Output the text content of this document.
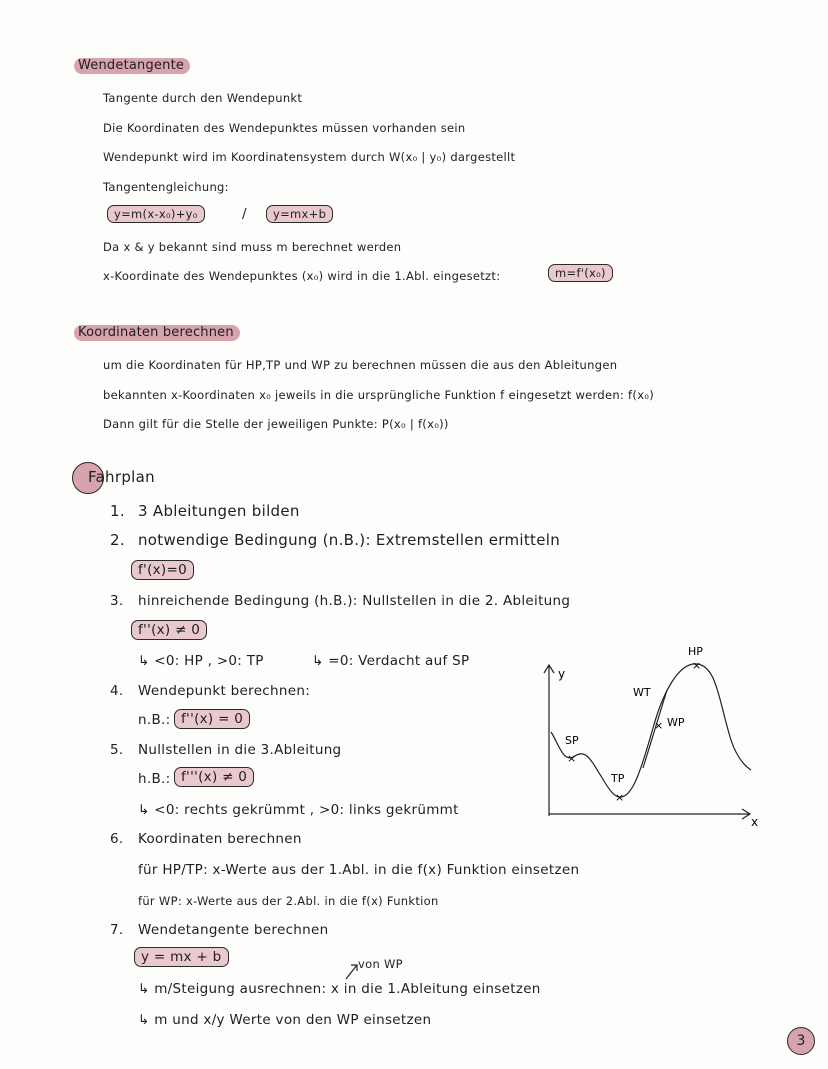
Wendetangente
Tangente durch den Wendepunkt
Die Koordinaten des Wendepunktes müssen vorhanden sein
Wendepunkt wird im Koordinatensystem durch W(x₀ | y₀) dargestellt
Tangentengleichung:
y=m(x-x₀)+y₀	/	y=mx+b
Da x & y bekannt sind muss m berechnet werden
x-Koordinate des Wendepunktes (x₀) wird in die 1.Abl. eingesetzt:	m=f'(x₀)
Koordinaten berechnen
um die Koordinaten für HP,TP und WP zu berechnen müssen die aus den Ableitungen
bekannten x-Koordinaten x₀ jeweils in die ursprüngliche Funktion f eingesetzt werden: f(x₀)
Dann gilt für die Stelle der jeweiligen Punkte: P(x₀ | f(x₀))
Fahrplan
1. 3 Ableitungen bilden
2. notwendige Bedingung (n.B.): Extremstellen ermitteln
f'(x)=0
3. hinreichende Bedingung (h.B.): Nullstellen in die 2. Ableitung
f''(x) ≠ 0
↳ <0: HP , >0: TP	↳ =0: Verdacht auf SP
4. Wendepunkt berechnen:
n.B.: f''(x) = 0
5. Nullstellen in die 3.Ableitung
h.B.: f'''(x) ≠ 0
↳ <0: rechts gekrümmt , >0: links gekrümmt
6. Koordinaten berechnen
für HP/TP: x-Werte aus der 1.Abl. in die f(x) Funktion einsetzen
für WP: x-Werte aus der 2.Abl. in die f(x) Funktion
7. Wendetangente berechnen
y = mx + b	von WP
↳ m/Steigung ausrechnen: x in die 1.Ableitung einsetzen
↳ m und x/y Werte von den WP einsetzen
y
x
×
×
×
×
HP
WT
WP
SP
TP
3
